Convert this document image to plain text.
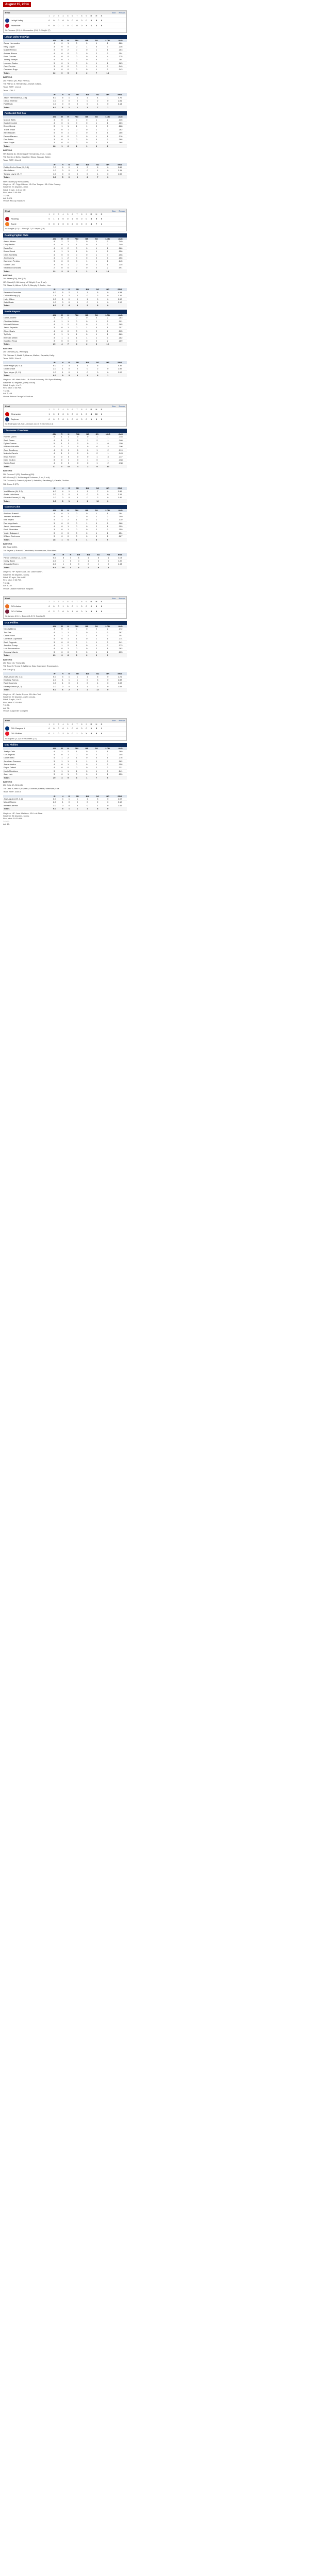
August 15, 2014
Final	Box Recap
1	2	3	4	5	6	7	8	9	R	H	E
Lehigh Valley	0	0	0	0	0	0	0	0	0	0	5	0
Pawtucket	0	0	0	1	0	0	0	0	X	1	6	0
W: Tavarez (3-1) L: Hernandez (2-8) S: Wright (7)
Lehigh Valley IronPigs
	AB	R	H	RBI	BB	SO	LOB	AVG
Cesar Hernandez	4	0	1	0	0	1	2	.286
Kelly Dugan	3	0	0	0	1	0	3	.236
Maikel Franco	4	0	2	0	0	1	1	.263
Andres Blanco	4	0	0	0	0	2	2	.254
Russ Canzler	4	0	0	0	0	0	4	.275
Tommy Joseph	4	0	1	0	0	0	0	.284
Leandro Castro	3	0	1	0	0	1	1	.263
Cam Perkins	3	0	0	0	1	1	0	.249
Cameron Rupp	3	0	0	0	0	1	0	.243
Totals	32	0	5	0	2	7	13	

BATTING

2B: Franco (26, Pep. Rivera).

TB: Franco 4; Hernandez; Joseph; Castro.

Team RISP: 1-for-6.

Team LOB: 7.

	IP	H	R	ER	BB	SO	HR	ERA
Jason Hernandez (L, 2-8)	6.0	6	1	1	1	4	1	3.76
Cesar Jimenez	1.0	0	0	0	0	2	0	2.81
Pat Misch	1.0	0	0	0	0	1	0	3.14
Totals	8.0	6	1	1	1	7	1	
Pawtucket Red Sox
	AB	R	H	RBI	BB	SO	LOB	AVG
Mookie Betts	4	0	1	0	0	1	2	.335
Garin Cecchini	4	0	1	0	0	1	1	.263
Bryce Brentz	3	1	1	1	1	0	0	.268
Travis Shaw	4	0	1	0	0	1	2	.262
Alex Hassan	4	0	1	0	0	0	1	.286
Deven Marrero	3	0	0	0	0	1	1	.216
Dan Butler	3	0	1	0	0	0	0	.268
Sean Coyle	3	0	0	0	0	2	1	.268
Totals	28	1	6	1	1	6	8	

BATTING

HR: Brentz (6, 4th inning off Hernandez, 0 on, 1 out).

TB: Brentz 4; Betts; Cecchini; Shaw; Hassan; Butler.

Team RISP: 0-for-3.

	IP	H	R	ER	BB	SO	HR	ERA
Rubby De La Rosa (W, 3-1)	7.0	5	0	0	2	5	0	2.86
Alex Wilson	1.0	0	0	0	0	1	0	2.11
Tommy Layne (S, 7)	1.0	0	0	0	0	1	0	1.59
Totals	9.0	5	0	0	2	7	0	

HBP: Butler (by Hernandez).

Umpires: HP: Tripp Gibson. 1B: Ron Teague. 3B: Chris Conroy.

Weather: 74 degrees, clear.

Wind: 7 mph, In from CF.

First pitch: 7:05 PM.

T: 2:16.

Att: 9,426.

Venue: McCoy Stadium

Final	Box Recap
1	2	3	4	5	6	7	8	9	R	H	E
Reading	0	1	1	0	0	1	0	0	0	3	9	0
Bowie	0	0	2	0	0	2	0	0	X	4	7	1
W: Wright (5-3) L: Pinto (3-7) S: Meyer (13)
Reading Fightin Phils
	AB	R	H	RBI	BB	SO	LOB	AVG
Aaron Altherr	4	1	2	0	0	1	0	.240
Cody Asche	4	0	1	1	0	0	2	.240
Darin Ruf	4	0	2	0	0	1	1	.286
Brock Stassi	4	1	1	1	0	1	2	.256
Chris Serritella	4	0	0	0	0	1	4	.258
Jim Murphy	4	1	2	0	0	0	0	.256
Cameron Perkins	3	0	0	0	1	1	1	.245
Gabriel Lino	3	0	1	0	0	1	1	.235
Severino Gonzalez	2	0	0	0	0	2	2	.091
Totals	32	3	9	2	1	8	13	

BATTING

2B: Altherr (26), Ruf (12).

HR: Stassi (9, 6th inning off Wright, 0 on, 2 out).

TB: Stassi 4; Altherr 3; Ruf 3; Murphy 2; Asche; Lino.

	IP	H	R	ER	BB	SO	HR	ERA
Severino Gonzalez	5.0	5	2	2	1	5	0	4.34
Colton Murray (L)	1.1	1	2	2	0	2	0	3.19
Hoby Milner	0.2	1	0	0	1	0	0	2.90
Seth Rosin	1.0	0	0	0	0	1	0	3.17
Totals	8.0	7	4	4	2	8	0	
Bowie Baysox
	AB	R	H	RBI	BB	SO	LOB	AVG
Dariel Alvarez	4	0	1	0	0	0	2	.283
Christian Walker	4	1	1	0	0	1	2	.301
Michael Ohlman	4	1	2	2	0	1	0	.265
Jason Esposito	3	0	1	0	1	0	1	.257
Glynn Davis	4	0	0	0	0	2	2	.305
Ty Kelly	4	1	1	1	0	1	1	.280
Brenden Webb	3	1	1	1	1	1	0	.282
Garabez Rosa	3	0	0	0	0	0	2	.269
Totals	29	4	7	4	2	6	10	

BATTING

2B: Ohlman (21), Webb (6).

TB: Ohlman 3; Webb 2; Alvarez; Walker; Esposito; Kelly.

Team RISP: 3-for-8.

	IP	H	R	ER	BB	SO	HR	ERA
Mike Wright (W, 5-3)	6.0	7	3	3	1	6	1	4.35
Oliver Drake	2.0	1	0	0	0	2	0	2.59
Tyler Meyer (S, 13)	1.0	1	0	0	0	0	0	2.02
Totals	9.0	9	3	3	1	8	1	

Umpires: HP: Mark Lollo. 1B: Scott Mahoney. 3B: Ryan Blakney.

Weather: 80 degrees, partly cloudy.

Wind: 4 mph, L to R.

First pitch: 7:05 PM.

T: 2:38.

Att: 7,108.

Venue: Prince George's Stadium

Final	Box Recap
1	2	3	4	5	6	7	8	9	R	H	E
Clearwater	1	0	2	0	0	0	0	1	0	4	10	1
Daytona	0	0	0	0	1	0	0	0	0	1	6	0
W: Rodriguez (5-7) L: Johnson (4-10) S: Gomez (14)
Clearwater Threshers
	AB	R	H	RBI	BB	SO	LOB	AVG
Roman Quinn	5	1	2	0	0	1	1	.245
Zach Green	4	1	1	1	1	2	1	.260
Dylan Cozens	5	1	3	2	0	1	0	.250
Willians Astudillo	4	0	1	0	0	0	2	.296
Cord Sandberg	4	0	1	1	0	1	2	.219
Malquin Canelo	4	1	1	0	0	2	1	.243
Brian Pointer	4	0	0	0	0	1	3	.247
Deivi Grullon	3	0	1	0	1	0	1	.268
Carlos Tocci	4	0	0	0	0	1	2	.238
Totals	37	4	10	4	2	9	13	

BATTING

2B: Cozens 2 (22), Sandberg (18).

HR: Green (12, 3rd inning off Johnson, 1 on, 1 out).

TB: Cozens 5; Green 4; Quinn 2; Astudillo; Sandberg 2; Canelo; Grullon.

SB: Quinn 2 (27).

	IP	H	R	ER	BB	SO	HR	ERA
Yoel Mecias (W, 5-7)	6.0	4	1	1	1	7	0	3.86
Austin Hutchison	2.0	2	0	0	0	3	0	2.15
Ricardo Gomez (S, 14)	1.0	0	0	0	0	2	0	3.46
Totals	9.0	6	1	1	1	12	0	
Daytona Cubs
	AB	R	H	RBI	BB	SO	LOB	AVG
Addison Russell	4	0	1	0	0	1	1	.284
Jeimer Candelario	4	0	1	0	0	1	2	.250
Kris Bryant	4	1	2	1	0	1	0	.310
Dan Vogelbach	3	0	0	0	1	0	2	.268
Jacob Hannemann	4	0	1	0	0	2	1	.259
Rock Shoulders	3	0	1	0	0	2	0	.259
Yasiel Balaguert	3	0	0	0	0	1	1	.254
Willson Contreras	3	0	0	0	0	0	2	.267
Totals	28	1	6	1	1	8	9	

BATTING

2B: Bryant (20).

TB: Bryant 3; Russell; Candelario; Hannemann; Shoulders.

	IP	H	R	ER	BB	SO	HR	ERA
Pierce Johnson (L, 4-10)	5.0	8	4	4	1	5	1	4.05
Corey Black	2.0	1	0	0	1	3	0	3.47
Armando Rivero	2.0	1	0	0	0	1	0	2.15
Totals	9.0	10	4	4	2	9	1	

Umpires: HP: Ryan Clark. 1B: Dave Martin.

Weather: 88 degrees, sunny.

Wind: 10 mph, Out to LF.

First pitch: 7:05 PM.

T: 2:42.

Att: 4,132.

Venue: Jackie Robinson Ballpark

Final	Box Recap
1	2	3	4	5	6	7	8	9	R	H	E
GCL Astros	0	0	0	1	0	0	1	0	0	2	6	2
GCL Phillies	0	2	0	0	0	1	0	0	X	3	8	0
W: Amaro (2-1) L: Bunch (1-2) S: Garcia (3)
GCL Phillies
	AB	R	H	RBI	BB	SO	LOB	AVG
Nick Williams	4	0	1	0	0	2	2	.272
Tim Das	4	1	1	0	0	1	0	.267
Carlos Tocci	3	1	2	1	1	0	0	.301
Cornelius Copeland	4	0	1	1	0	1	1	.214
Zach Coppola	3	0	0	0	1	1	3	.241
Jiandido Tromp	4	1	2	1	0	1	0	.273
Luis Encarnacion	4	0	1	0	0	2	1	.262
Gregory Infante	3	0	0	0	0	1	2	.233
Totals	29	3	8	3	2	9	9	

BATTING

2B: Tocci (4), Tromp (5).

TB: Tocci 3; Tromp 3; Williams; Das; Copeland; Encarnacion.

SB: Das (12).

	IP	H	R	ER	BB	SO	HR	ERA
Jose Amaro (W, 2-1)	5.0	4	1	1	1	6	0	2.21
Edubray Ramos	2.0	1	1	1	0	3	0	2.88
Ranfi Casimiro	1.0	1	0	0	0	1	0	3.02
Elniery Garcia (S, 3)	1.0	0	0	0	1	2	0	1.83
Totals	9.0	6	2	2	2	12	0	

Umpires: HP: Javier Reyes. 1B: Alex Tosi.

Weather: 90 degrees, partly cloudy.

Wind: 6 mph, L to R.

First pitch: 12:00 PM.

T: 2:31.

Att: 74.

Venue: Carpenter Complex

Final	Box Recap
1	2	3	4	5	6	7	8	9	R	H	E
DSL Rangers 1	0	0	0	0	1	0	0	0	0	1	5	1
DSL Phillies	0	1	0	2	0	0	1	0	X	4	9	0
W: Aquino (3-2) L: Fernandez (1-4)
DSL Phillies
	AB	R	H	RBI	BB	SO	LOB	AVG
Jhailyn Ortiz	4	1	2	1	0	1	1	.289
Luis Espiritu	4	0	1	0	0	2	2	.245
Daniel Brito	4	1	2	1	0	0	1	.276
Jonathan Guzman	3	1	1	1	1	0	0	.262
Jesus Alastre	4	0	1	0	0	1	2	.258
Edgar Cabral	4	0	0	0	0	2	2	.231
Kevin Markham	3	1	1	1	0	1	0	.241
Juan Luis	3	0	1	0	0	0	1	.250
Totals	29	4	9	4	1	7	9	

BATTING

2B: Ortiz (8), Brito (6).

TB: Ortiz 3; Brito 3; Espiritu; Guzman; Alastre; Markham; Luis.

Team RISP: 3-for-9.

	IP	H	R	ER	BB	SO	HR	ERA
Jose Aquino (W, 3-2)	6.0	4	1	1	1	5	0	2.67
Miguel Nunez	2.0	1	0	0	0	2	0	3.10
Ismael Cabrera	1.0	0	0	0	0	1	0	2.45
Totals	9.0	5	1	1	1	8	0	

Umpires: HP: Jose Martinez. 1B: Luis Diaz.

Weather: 86 degrees, sunny.

First pitch: 10:30 AM.

T: 2:22.

Att: 45.
